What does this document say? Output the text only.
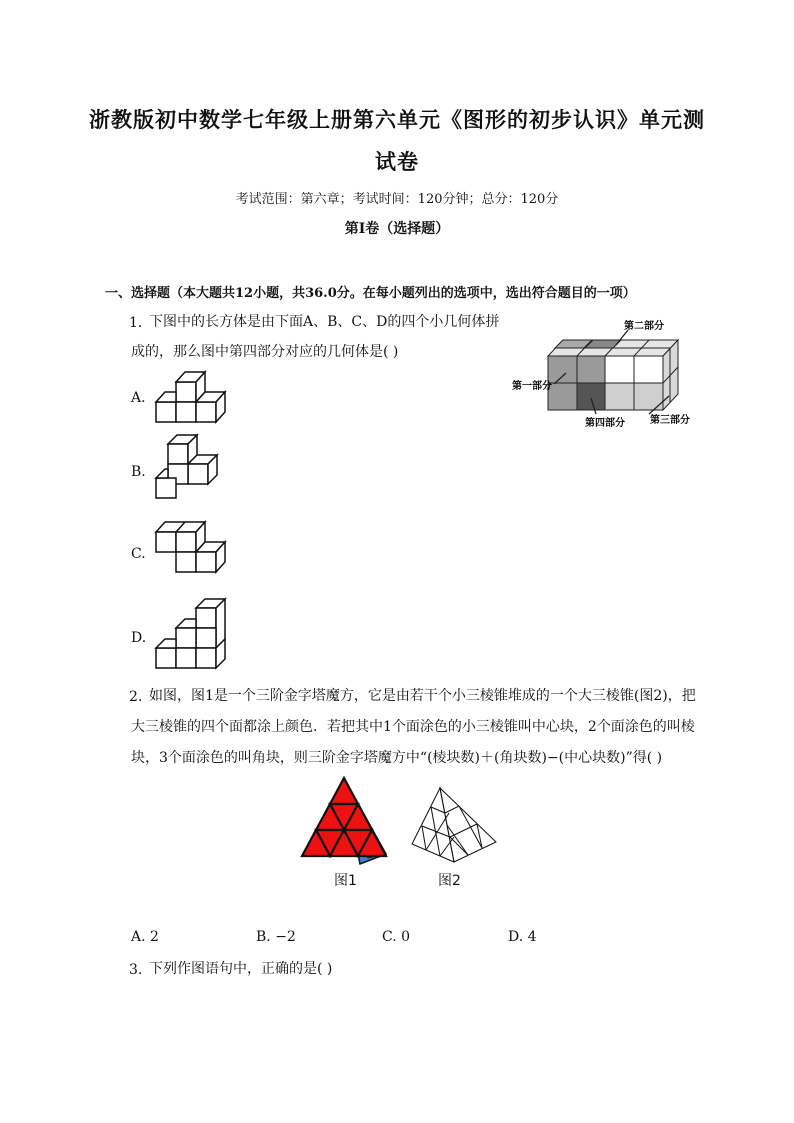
浙教版初中数学七年级上册第六单元《图形的初步认识》单元测
试卷
考试范围：第六章；考试时间：120分钟；总分：120分
第Ⅰ卷（选择题）
一、选择题（本大题共12小题，共36.0分。在每小题列出的选项中，选出符合题目的一项）
1. 下图中的长方体是由下面A、B、C、D的四个小几何体拼
成的，那么图中第四部分对应的几何体是( )
第二部分
第一部分
第三部分
第四部分
A.
B.
C.
D.
2. 如图，图1是一个三阶金字塔魔方，它是由若干个小三棱锥堆成的一个大三棱锥(图2)，把
大三棱锥的四个面都涂上颜色．若把其中1个面涂色的小三棱锥叫中心块，2个面涂色的叫棱
块，3个面涂色的叫角块，则三阶金字塔魔方中“(棱块数)＋(角块数)−(中心块数)”得( )
图1	图2
A. 2	B. −2	C. 0	D. 4
3. 下列作图语句中，正确的是( )
